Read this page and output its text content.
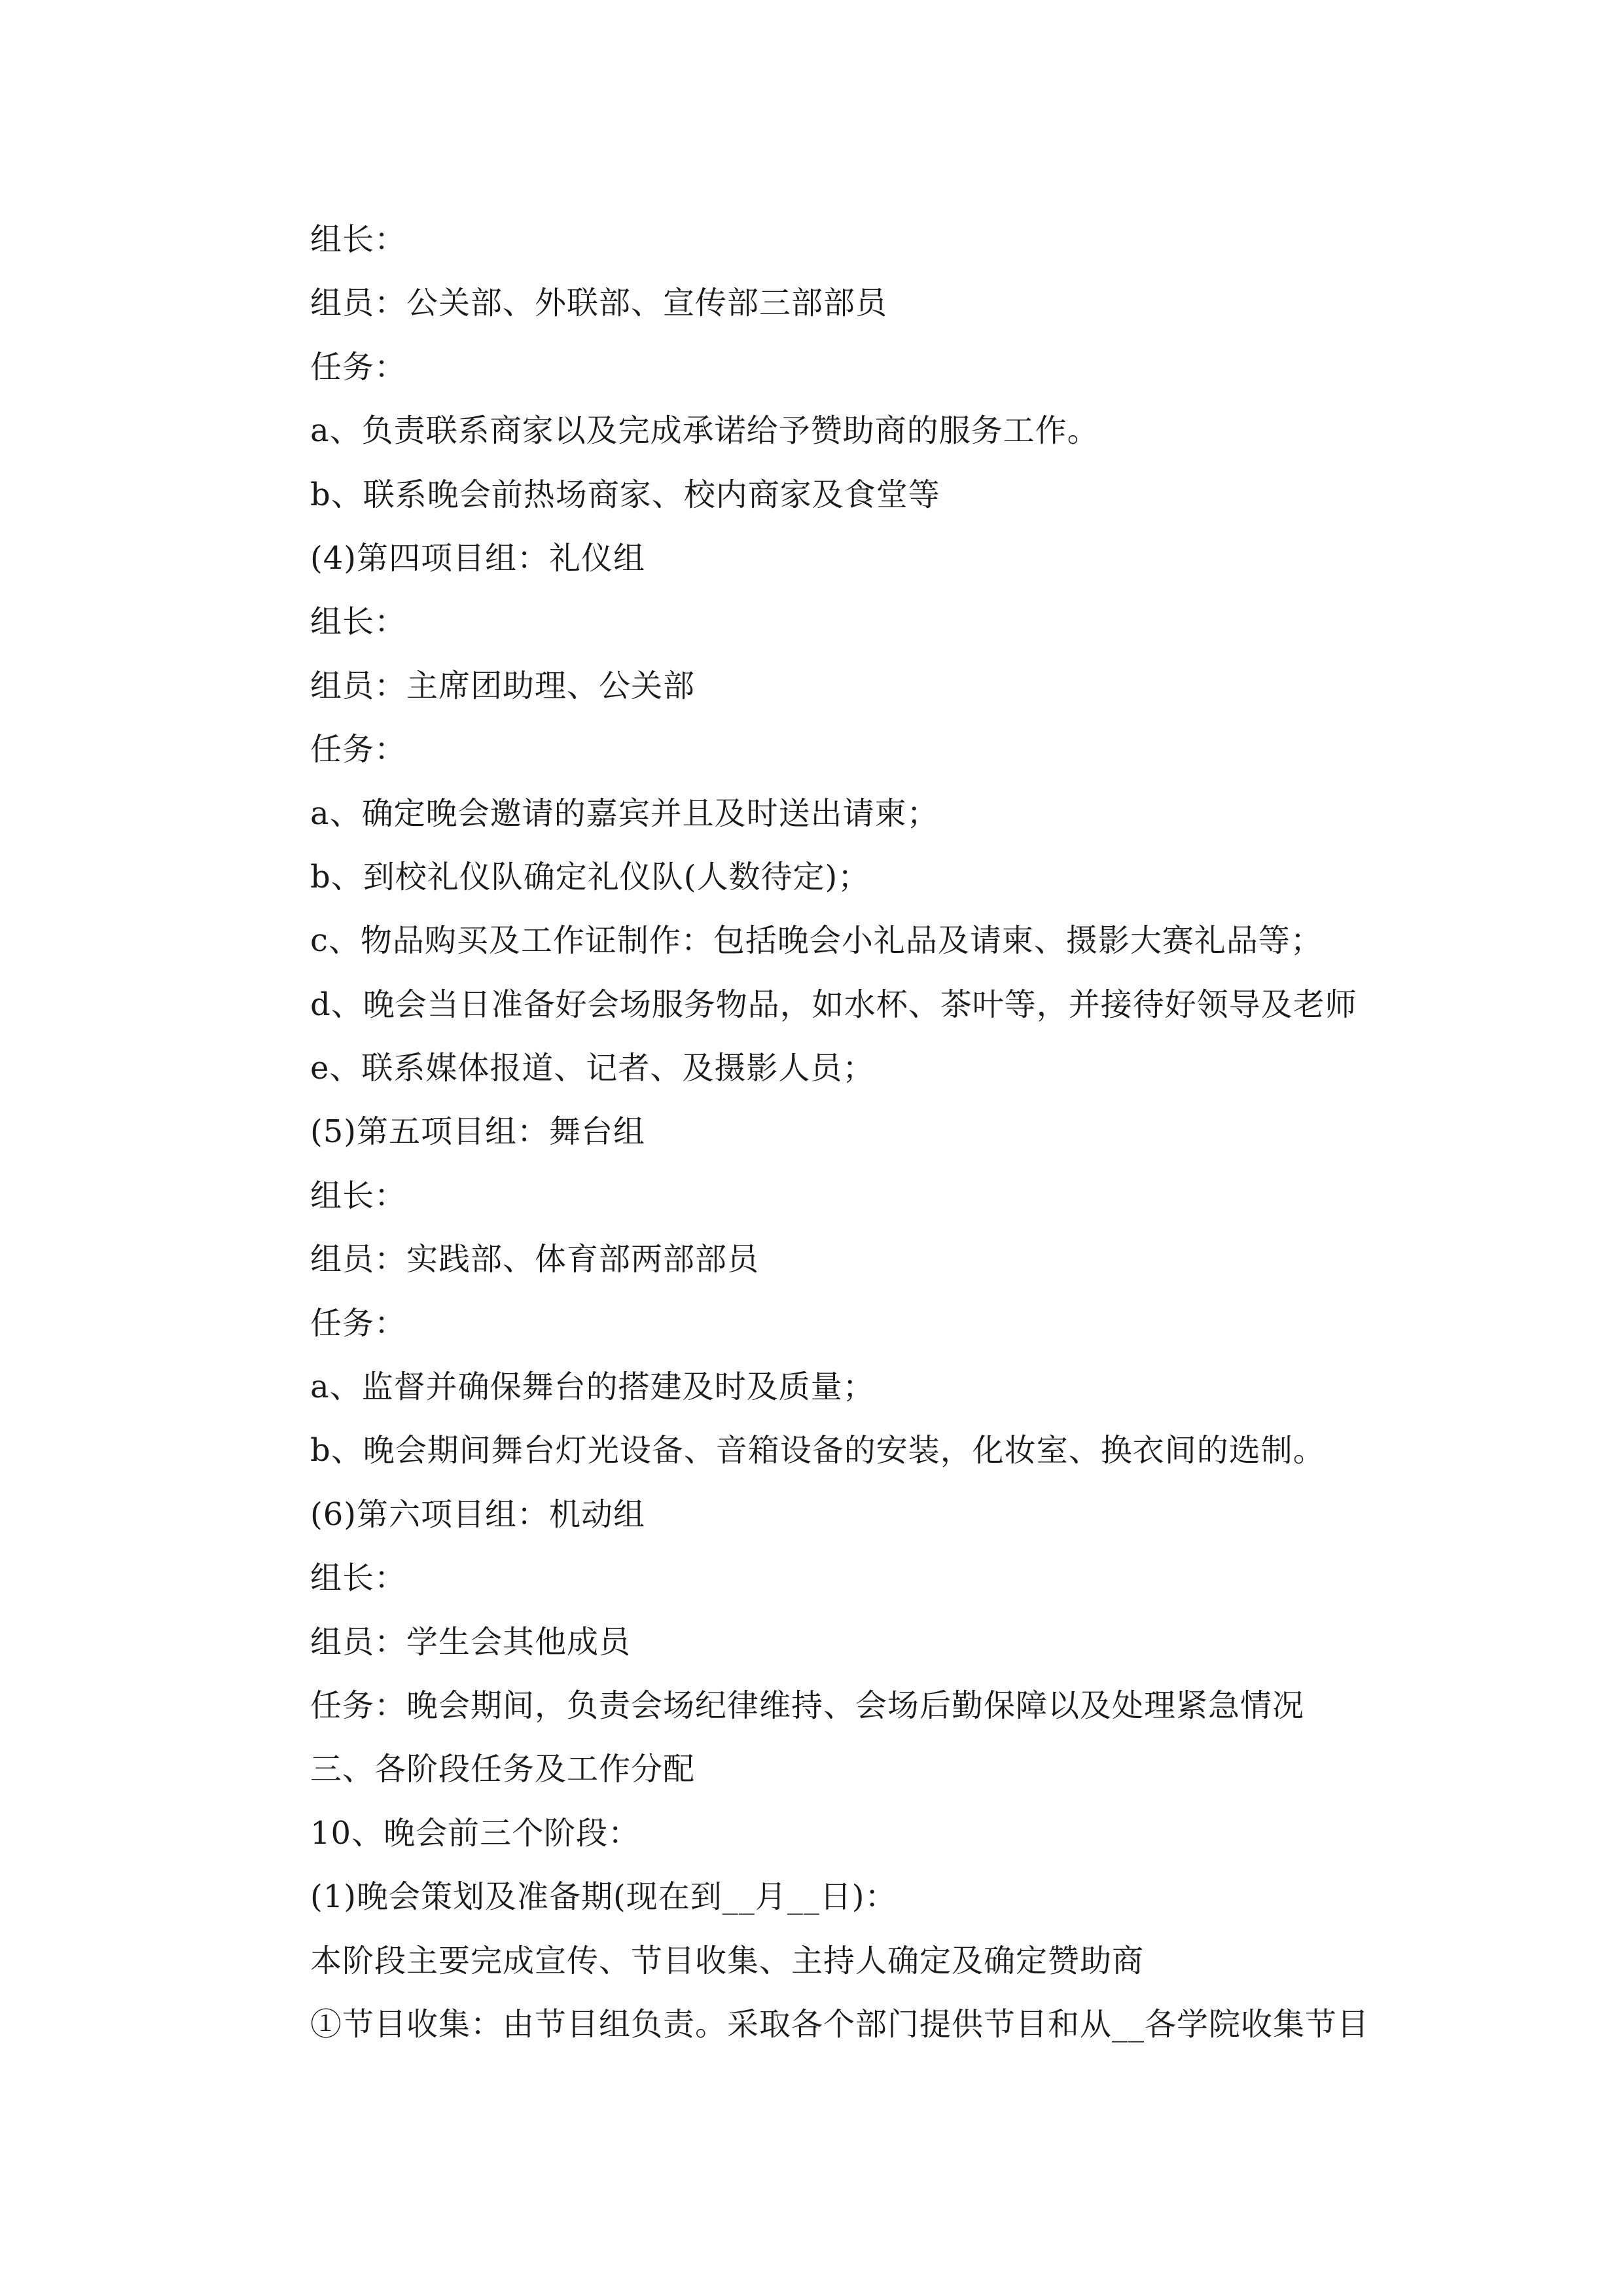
组长：
组员：公关部、外联部、宣传部三部部员
任务：
a、负责联系商家以及完成承诺给予赞助商的服务工作。
b、联系晚会前热场商家、校内商家及食堂等
(4)第四项目组：礼仪组
组长：
组员：主席团助理、公关部
任务：
a、确定晚会邀请的嘉宾并且及时送出请柬；
b、到校礼仪队确定礼仪队(人数待定)；
c、物品购买及工作证制作：包括晚会小礼品及请柬、摄影大赛礼品等；
d、晚会当日准备好会场服务物品，如水杯、茶叶等，并接待好领导及老师
e、联系媒体报道、记者、及摄影人员；
(5)第五项目组：舞台组
组长：
组员：实践部、体育部两部部员
任务：
a、监督并确保舞台的搭建及时及质量；
b、晚会期间舞台灯光设备、音箱设备的安装，化妆室、换衣间的选制。
(6)第六项目组：机动组
组长：
组员：学生会其他成员
任务：晚会期间，负责会场纪律维持、会场后勤保障以及处理紧急情况
三、各阶段任务及工作分配
10、晚会前三个阶段：
(1)晚会策划及准备期(现在到__月__日)：
本阶段主要完成宣传、节目收集、主持人确定及确定赞助商
①节目收集：由节目组负责。采取各个部门提供节目和从__各学院收集节目
